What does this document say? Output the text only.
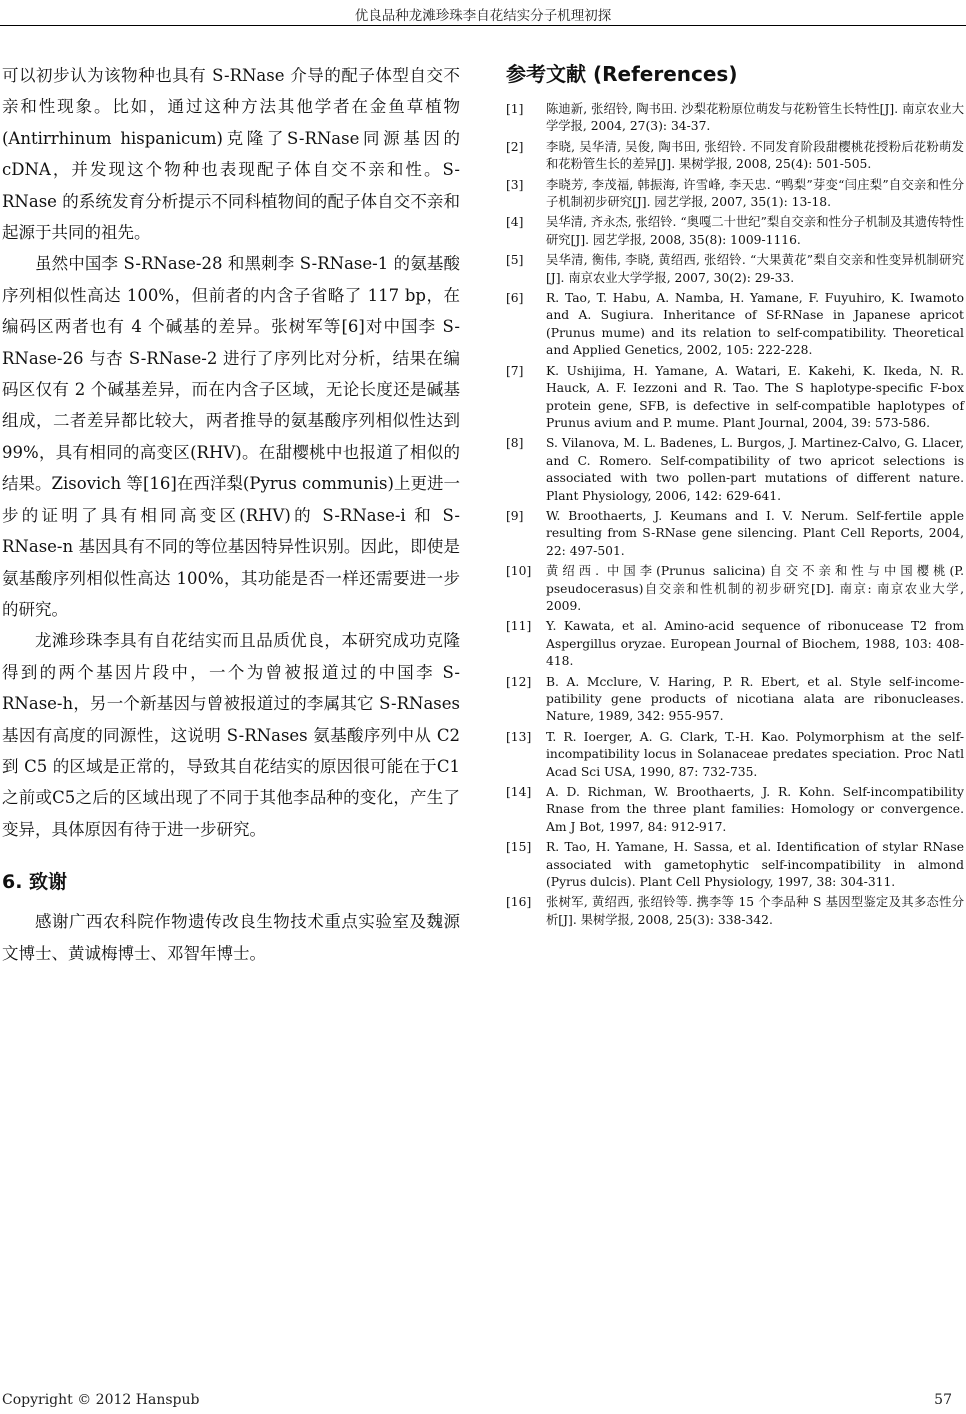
优良品种龙滩珍珠李自花结实分子机理初探

可以初步认为该物种也具有 S-RNase 介导的配子体型自交不亲和性现象。比如，通过这种方法其他学者在金鱼草植物(Antirrhinum hispanicum)克隆了S-RNase同源基因的 cDNA，并发现这个物种也表现配子体自交不亲和性。S-RNase 的系统发育分析提示不同科植物间的配子体自交不亲和起源于共同的祖先。

虽然中国李 S-RNase-28 和黑刺李 S-RNase-1 的氨基酸序列相似性高达 100%，但前者的内含子省略了 117 bp，在编码区两者也有 4 个碱基的差异。张树军等[6]对中国李 S-RNase-26 与杏 S-RNase-2 进行了序列比对分析，结果在编码区仅有 2 个碱基差异，而在内含子区域，无论长度还是碱基组成，二者差异都比较大，两者推导的氨基酸序列相似性达到 99%，具有相同的高变区(RHV)。在甜樱桃中也报道了相似的结果。Zisovich 等[16]在西洋梨(Pyrus communis)上更进一步的证明了具有相同高变区(RHV)的 S-RNase-i 和 S-RNase-n 基因具有不同的等位基因特异性识别。因此，即使是氨基酸序列相似性高达 100%，其功能是否一样还需要进一步的研究。

龙滩珍珠李具有自花结实而且品质优良，本研究成功克隆得到的两个基因片段中，一个为曾被报道过的中国李 S-RNase-h，另一个新基因与曾被报道过的李属其它 S-RNases 基因有高度的同源性，这说明 S-RNases 氨基酸序列中从 C2 到 C5 的区域是正常的，导致其自花结实的原因很可能在于C1之前或C5之后的区域出现了不同于其他李品种的变化，产生了变异，具体原因有待于进一步研究。

6. 致谢

感谢广西农科院作物遗传改良生物技术重点实验室及魏源文博士、黄诚梅博士、邓智年博士。

参考文献 (References)
[1] 陈迪新, 张绍铃, 陶书田. 沙梨花粉原位萌发与花粉管生长特性[J]. 南京农业大学学报, 2004, 27(3): 34-37.
[2] 李晓, 吴华清, 吴俊, 陶书田, 张绍铃. 不同发育阶段甜樱桃花授粉后花粉萌发和花粉管生长的差异[J]. 果树学报, 2008, 25(4): 501-505.
[3] 李晓芳, 李茂福, 韩振海, 许雪峰, 李天忠. “鸭梨”芽变“闫庄梨”自交亲和性分子机制初步研究[J]. 园艺学报, 2007, 35(1): 13-18.
[4] 吴华清, 齐永杰, 张绍铃. “奥嘎二十世纪”梨自交亲和性分子机制及其遗传特性研究[J]. 园艺学报, 2008, 35(8): 1009-1116.
[5] 吴华清, 衡伟, 李晓, 黄绍西, 张绍铃. “大果黄花”梨自交亲和性变异机制研究[J]. 南京农业大学学报, 2007, 30(2): 29-33.
[6] R. Tao, T. Habu, A. Namba, H. Yamane, F. Fuyuhiro, K. Iwamoto and A. Sugiura. Inheritance of Sf-RNase in Japanese apricot (Prunus mume) and its relation to self-compatibility. Theoretical and Applied Genetics, 2002, 105: 222-228.
[7] K. Ushijima, H. Yamane, A. Watari, E. Kakehi, K. Ikeda, N. R. Hauck, A. F. Iezzoni and R. Tao. The S haplotype-specific F-box protein gene, SFB, is defective in self-compatible haplotypes of Prunus avium and P. mume. Plant Journal, 2004, 39: 573-586.
[8] S. Vilanova, M. L. Badenes, L. Burgos, J. Martinez-Calvo, G. Llacer, and C. Romero. Self-compatibility of two apricot selections is associated with two pollen-part mutations of different nature. Plant Physiology, 2006, 142: 629-641.
[9] W. Broothaerts, J. Keumans and I. V. Nerum. Self-fertile apple resulting from S-RNase gene silencing. Plant Cell Reports, 2004, 22: 497-501.
[10] 黄绍西. 中国李(Prunus salicina)自交不亲和性与中国樱桃(P. pseudocerasus)自交亲和性机制的初步研究[D]. 南京: 南京农业大学, 2009.
[11] Y. Kawata, et al. Amino-acid sequence of ribonucease T2 from Aspergillus oryzae. European Journal of Biochem, 1988, 103: 408-418.
[12] B. A. Mcclure, V. Haring, P. R. Ebert, et al. Style self-income-patibility gene products of nicotiana alata are ribonucleases. Nature, 1989, 342: 955-957.
[13] T. R. Ioerger, A. G. Clark, T.-H. Kao. Polymorphism at the self-incompatibility locus in Solanaceae predates speciation. Proc Natl Acad Sci USA, 1990, 87: 732-735.
[14] A. D. Richman, W. Broothaerts, J. R. Kohn. Self-incompatibility Rnase from the three plant families: Homology or convergence. Am J Bot, 1997, 84: 912-917.
[15] R. Tao, H. Yamane, H. Sassa, et al. Identification of stylar RNase associated with gametophytic self-incompatibility in almond (Pyrus dulcis). Plant Cell Physiology, 1997, 38: 304-311.
[16] 张树军, 黄绍西, 张绍铃等. 携李等 15 个李品种 S 基因型鉴定及其多态性分析[J]. 果树学报, 2008, 25(3): 338-342.
Copyright © 2012 Hanspub	57
